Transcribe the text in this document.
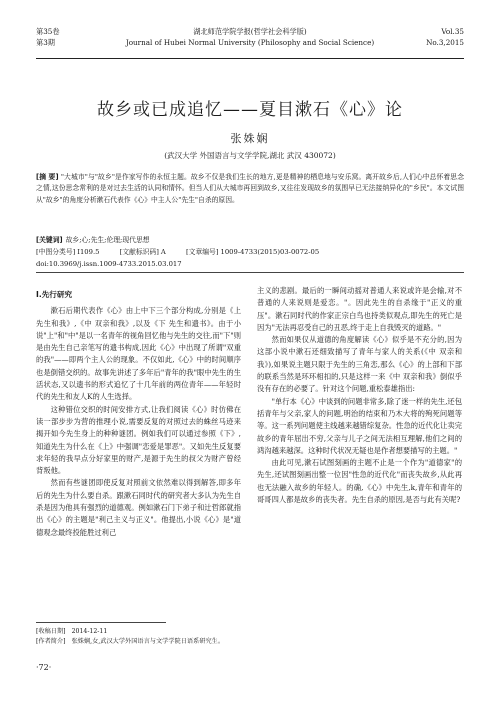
第35卷
第3期
湖北师范学院学报(哲学社会科学版)
Journal of Hubei Normal University (Philosophy and Social Science)
Vol.35
No.3,2015
故乡或已成追忆——夏目漱石《心》论
张姝娴
(武汉大学 外国语言与文学学院,湖北 武汉 430072)
[摘 要] "大城市"与"故乡"是作家写作的永恒主题。故乡不仅是我们生长的地方,更是精神的栖息地与安乐窝。离开故乡后,人们心中总怀着思念之情,这份思念常利的是对过去生活的认同和情怀。但当人们从大城市再回到故乡,又往往发现故乡的氛围早已无法接纳异化的"乡民"。本文试图从"故乡"的角度分析漱石代表作《心》中主人公"先生"自杀的原因。
[关键词] 故乡;心;先生;伦理;现代思想
[中图分类号] I109.5	[文献标识码] A	[文章编号] 1009-4733(2015)03-0072-05
doi:10.3969/j.issn.1009-4733.2015.03.017
Ⅰ.先行研究

漱石后期代表作《心》由上中下三个部分构成,分别是《上 先生和我》,《中 双亲和我》,以及《下 先生和遗书》。由于小说"上"和"中"是以一名青年的视角回忆他与先生的交往,而"下"则是由先生自己亲笔写的遗书构成,因此《心》中出现了所谓"双重的我"——即两个主人公的现象。不仅如此,《心》中的时间顺序也是倒错交织的。故事先讲述了多年后"青年的我"眼中先生的生活状态,又以遗书的形式追忆了十几年前的两位青年——年轻时代的先生和友人K的人生选择。

这种错位交织的时间安排方式,让我们阅读《心》时仿佛在读一部步步为营的推理小说,需要反复的对照过去的蛛丝马迹来揭开如今先生身上的种种谜团。例如我们可以通过参照《下》,知道先生为什么在《上》中强调"恋爱是罪恶"。又如先生反复要求年轻的我早点分好家里的财产,是源于先生的叔父为财产曾经背叛他。

然而有些谜团即使反复对照前文依然难以得到解答,即多年后的先生为什么要自杀。跟漱石同时代的研究者大多认为先生自杀是因为他具有强烈的道德观。例如漱石门下弟子和辻哲郎就指出《心》的主题是"利己主义与正义"。他提出,小说《心》是"道德观念最终投能胜过利己

主义的悲剧。最后的一瞬间动摇对普通人来说或许是会输,对不普通的人来说则是爱恋。"。因此先生的自杀缘于"正义的重压"。漱石同时代的作家正宗白鸟也持类似观点,即先生的死亡是因为"无法再忍受自己的丑恶,终于走上自我毁灭的道路。"

然而如果仅从道德的角度解读《心》似乎是不充分的,因为这部小说中漱石还细致描写了青年与家人的关系(《中 双亲和我》),如果说主题只限于先生的三角恋,那么《心》的上部和下部的联系当然是环环相扣的,只是这样一来《中 双亲和我》倒似乎没有存在的必要了。针对这个问题,重松泰雄指出:

"单行本《心》中谈到的问题非常多,除了迷一样的先生,还包括青年与父亲,家人的问题,明治的结束和乃木大将的殉死问题等等。这一系列问题使主线越来越错综复杂。性急的近代化让卖完故乡的青年屈出不穷,父亲与儿子之间无法相互理解,他们之间的鸿沟越来越深。这种时代状况无疑也是作者想要描写的主题。"

由此可见,漱石试图刻画的主题不止是一个作为"道德家"的先生,还试图刻画出整一位因"性急的近代化"而丧失故乡,从此再也无法融入故乡的年轻人。的确,《心》中先生,k,青年和青年的哥哥四人都是故乡的丧失者。先生自杀的原因,是否与此有关呢?

[收稿日期] 2014-12-11
[作者简介] 张姝娴,女,武汉大学外国语言与文学学院日语系研究生。
·72·
